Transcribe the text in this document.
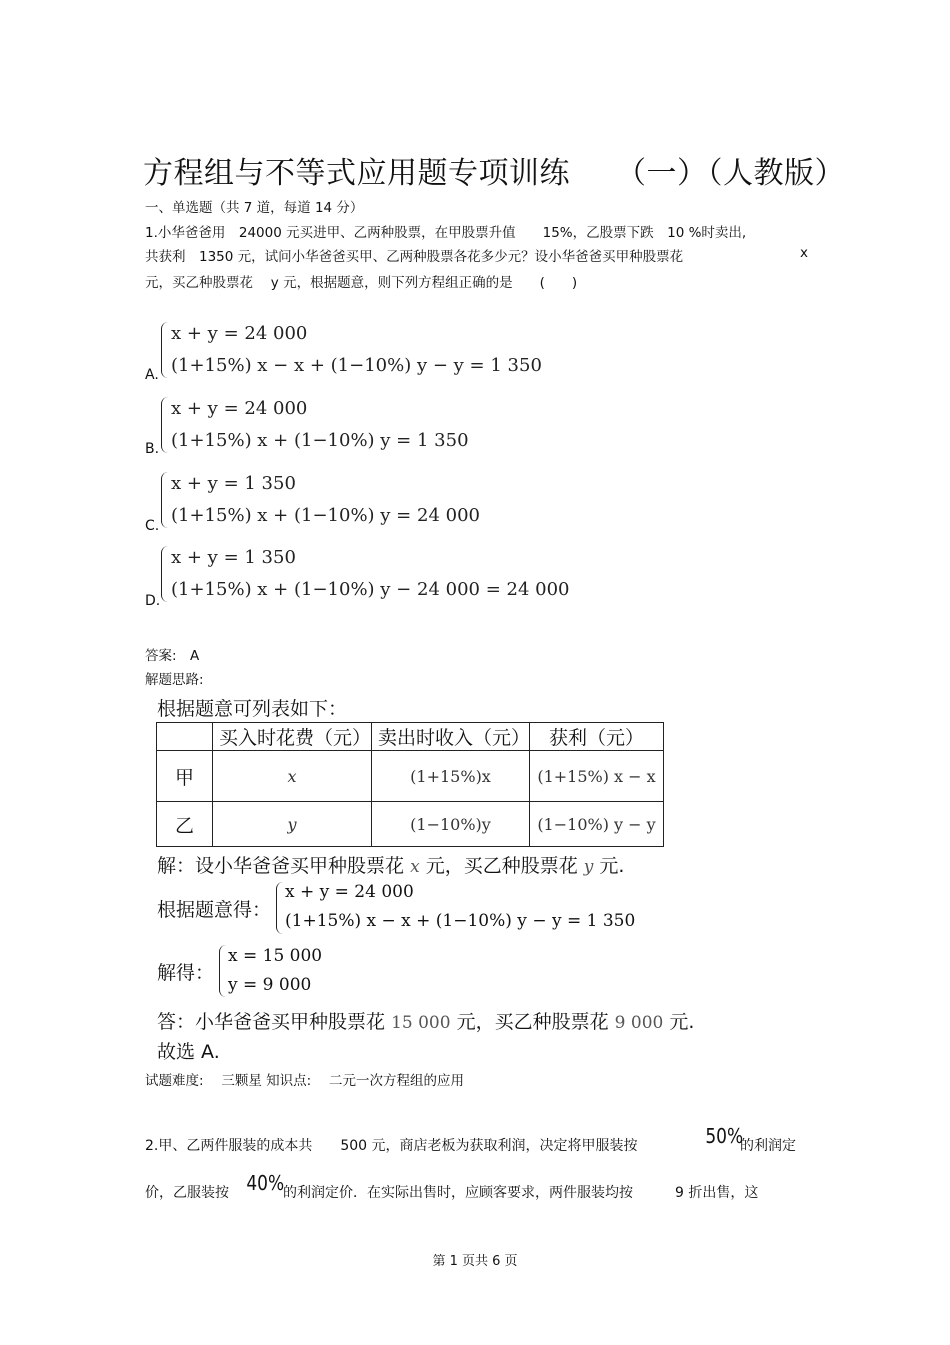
方程组与不等式应用题专项训练　　（一）（人教版）
一、单选题（共 7 道，每道 14 分）
1.小华爸爸用　24000 元买进甲、乙两种股票，在甲股票升值　　15%，乙股票下跌　10 %时卖出,
共获利　1350 元，试问小华爸爸买甲、乙两种股票各花多少元？设小华爸爸买甲种股票花	x
元，买乙种股票花　 y 元，根据题意，则下列方程组正确的是　　(　　)
A.
x + y = 24 000
(1+15%) x − x + (1−10%) y − y = 1 350
B.
x + y = 24 000
(1+15%) x + (1−10%) y = 1 350
C.
x + y = 1 350
(1+15%) x + (1−10%) y = 24 000
D.
x + y = 1 350
(1+15%) x + (1−10%) y − 24 000 = 24 000
答案:　A
解题思路:
根据题意可列表如下：
	买入时花费（元）	卖出时收入（元）	获利（元）
甲	x	(1+15%)x	(1+15%) x − x
乙	y	(1−10%)y	(1−10%) y − y
解：设小华爸爸买甲种股票花 x 元，买乙种股票花 y 元.
根据题意得：
x + y = 24 000
(1+15%) x − x + (1−10%) y − y = 1 350
解得：
x = 15 000
y = 9 000
答：小华爸爸买甲种股票花 15 000 元，买乙种股票花 9 000 元.
故选 A.
试题难度:　 三颗星 知识点:　 二元一次方程组的应用
2.甲、乙两件服装的成本共　　500 元，商店老板为获取利润，决定将甲服装按	50%
的利润定
价，乙服装按 40%
的利润定价．在实际出售时，应顾客要求，两件服装均按　　　9 折出售，这
第 1 页共 6 页
